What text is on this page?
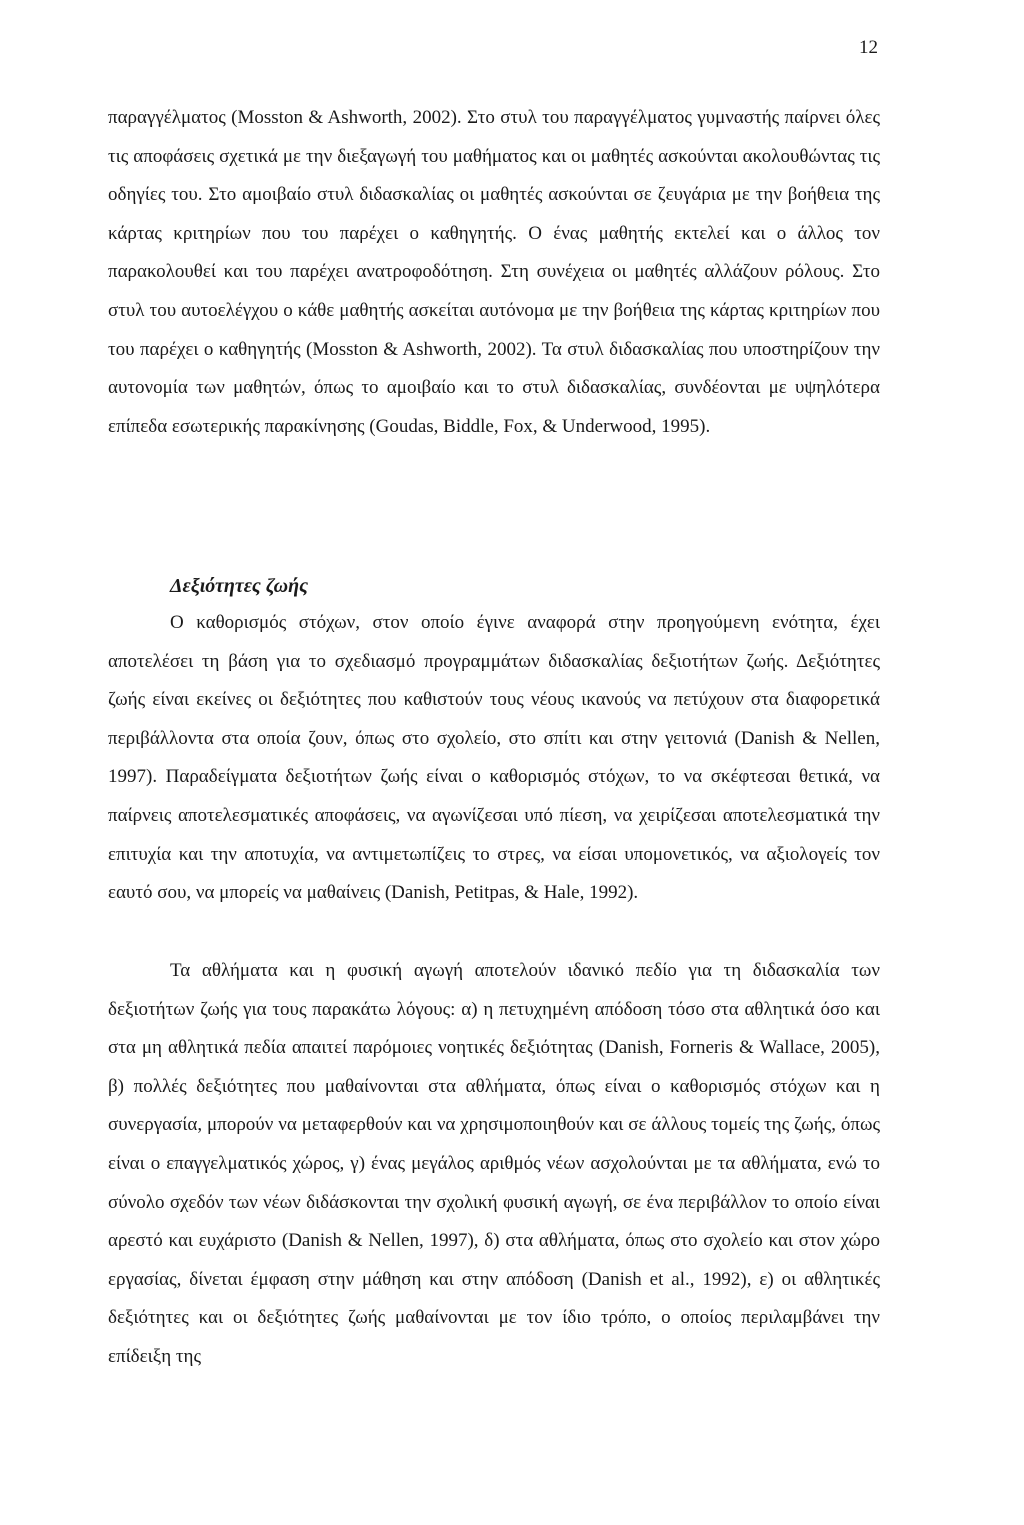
12
παραγγέλματος (Mosston & Ashworth, 2002). Στο στυλ του παραγγέλματος γυμναστής παίρνει όλες τις αποφάσεις σχετικά με την διεξαγωγή του μαθήματος και οι μαθητές ασκούνται ακολουθώντας τις οδηγίες του. Στο αμοιβαίο στυλ διδασκαλίας οι μαθητές ασκούνται σε ζευγάρια με την βοήθεια της κάρτας κριτηρίων που του παρέχει ο καθηγητής. Ο ένας μαθητής εκτελεί και ο άλλος τον παρακολουθεί και του παρέχει ανατροφοδότηση. Στη συνέχεια οι μαθητές αλλάζουν ρόλους. Στο στυλ του αυτοελέγχου ο κάθε μαθητής ασκείται αυτόνομα με την βοήθεια της κάρτας κριτηρίων που του παρέχει ο καθηγητής (Mosston & Ashworth, 2002). Τα στυλ διδασκαλίας που υποστηρίζουν την αυτονομία των μαθητών, όπως το αμοιβαίο και το στυλ διδασκαλίας, συνδέονται με υψηλότερα επίπεδα εσωτερικής παρακίνησης (Goudas, Biddle, Fox, & Underwood, 1995).
Δεξιότητες ζωής
Ο καθορισμός στόχων, στον οποίο έγινε αναφορά στην προηγούμενη ενότητα, έχει αποτελέσει τη βάση για το σχεδιασμό προγραμμάτων διδασκαλίας δεξιοτήτων ζωής. Δεξιότητες ζωής είναι εκείνες οι δεξιότητες που καθιστούν τους νέους ικανούς να πετύχουν στα διαφορετικά περιβάλλοντα στα οποία ζουν, όπως στο σχολείο, στο σπίτι και στην γειτονιά (Danish & Nellen, 1997). Παραδείγματα δεξιοτήτων ζωής είναι ο καθορισμός στόχων, το να σκέφτεσαι θετικά, να παίρνεις αποτελεσματικές αποφάσεις, να αγωνίζεσαι υπό πίεση, να χειρίζεσαι αποτελεσματικά την επιτυχία και την αποτυχία, να αντιμετωπίζεις το στρες, να είσαι υπομονετικός, να αξιολογείς τον εαυτό σου, να μπορείς να μαθαίνεις (Danish, Petitpas, & Hale, 1992).
Τα αθλήματα και η φυσική αγωγή αποτελούν ιδανικό πεδίο για τη διδασκαλία των δεξιοτήτων ζωής για τους παρακάτω λόγους: α) η πετυχημένη απόδοση τόσο στα αθλητικά όσο και στα μη αθλητικά πεδία απαιτεί παρόμοιες νοητικές δεξιότητας (Danish, Forneris & Wallace, 2005), β) πολλές δεξιότητες που μαθαίνονται στα αθλήματα, όπως είναι ο καθορισμός στόχων και η συνεργασία, μπορούν να μεταφερθούν και να χρησιμοποιηθούν και σε άλλους τομείς της ζωής, όπως είναι ο επαγγελματικός χώρος, γ) ένας μεγάλος αριθμός νέων ασχολούνται με τα αθλήματα, ενώ το σύνολο σχεδόν των νέων διδάσκονται την σχολική φυσική αγωγή, σε ένα περιβάλλον το οποίο είναι αρεστό και ευχάριστο (Danish & Nellen, 1997), δ) στα αθλήματα, όπως στο σχολείο και στον χώρο εργασίας, δίνεται έμφαση στην μάθηση και στην απόδοση (Danish et al., 1992), ε) οι αθλητικές δεξιότητες και οι δεξιότητες ζωής μαθαίνονται με τον ίδιο τρόπο, ο οποίος περιλαμβάνει την επίδειξη της
